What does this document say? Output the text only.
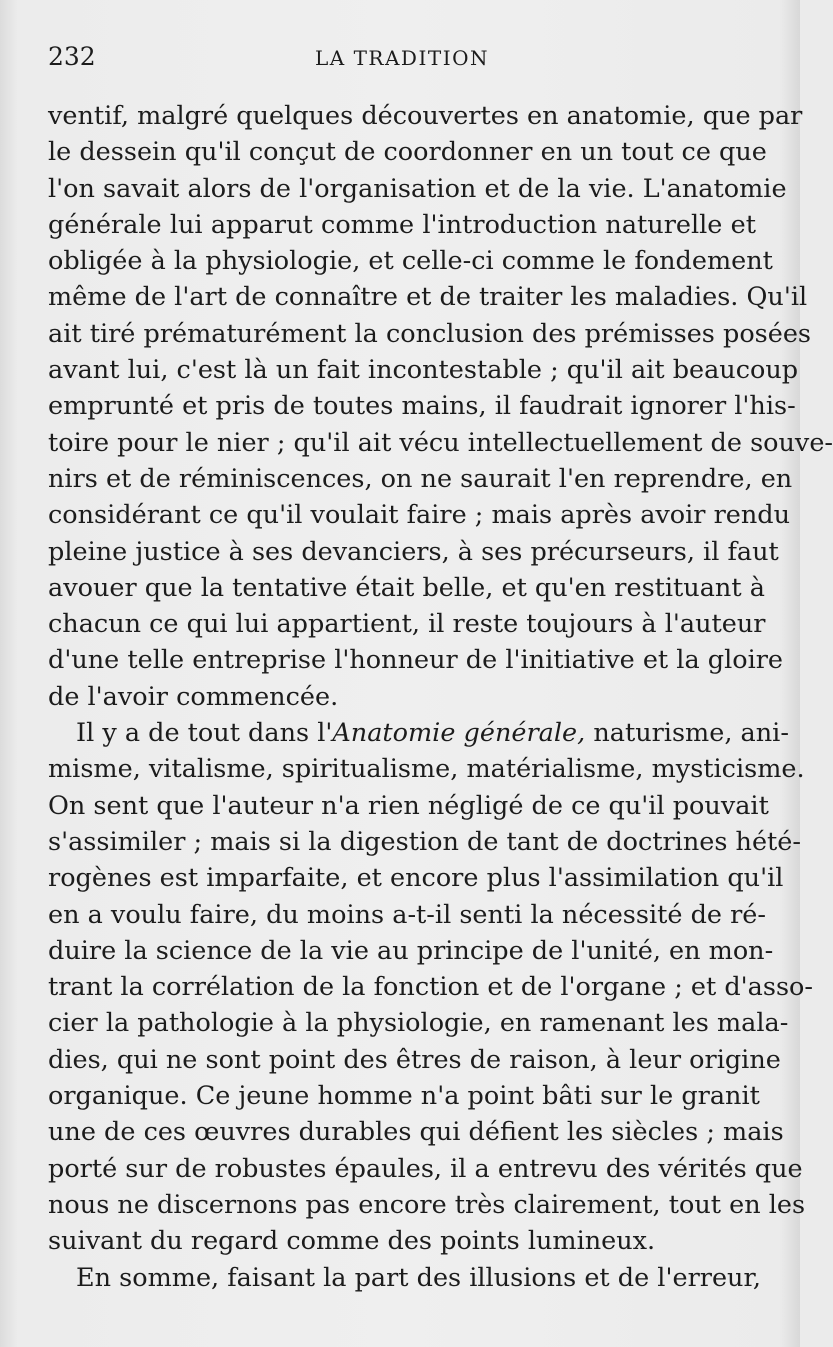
232	LA TRADITION
ventif, malgré quelques découvertes en anatomie, que par
le dessein qu'il conçut de coordonner en un tout ce que
l'on savait alors de l'organisation et de la vie. L'anatomie
générale lui apparut comme l'introduction naturelle et
obligée à la physiologie, et celle-ci comme le fondement
même de l'art de connaître et de traiter les maladies. Qu'il
ait tiré prématurément la conclusion des prémisses posées
avant lui, c'est là un fait incontestable ; qu'il ait beaucoup
emprunté et pris de toutes mains, il faudrait ignorer l'his-
toire pour le nier ; qu'il ait vécu intellectuellement de souve-
nirs et de réminiscences, on ne saurait l'en reprendre, en
considérant ce qu'il voulait faire ; mais après avoir rendu
pleine justice à ses devanciers, à ses précurseurs, il faut
avouer que la tentative était belle, et qu'en restituant à
chacun ce qui lui appartient, il reste toujours à l'auteur
d'une telle entreprise l'honneur de l'initiative et la gloire
de l'avoir commencée.
Il y a de tout dans l'Anatomie générale, naturisme, ani-
misme, vitalisme, spiritualisme, matérialisme, mysticisme.
On sent que l'auteur n'a rien négligé de ce qu'il pouvait
s'assimiler ; mais si la digestion de tant de doctrines hété-
rogènes est imparfaite, et encore plus l'assimilation qu'il
en a voulu faire, du moins a-t-il senti la nécessité de ré-
duire la science de la vie au principe de l'unité, en mon-
trant la corrélation de la fonction et de l'organe ; et d'asso-
cier la pathologie à la physiologie, en ramenant les mala-
dies, qui ne sont point des êtres de raison, à leur origine
organique. Ce jeune homme n'a point bâti sur le granit
une de ces œuvres durables qui défient les siècles ; mais
porté sur de robustes épaules, il a entrevu des vérités que
nous ne discernons pas encore très clairement, tout en les
suivant du regard comme des points lumineux.
En somme, faisant la part des illusions et de l'erreur,
